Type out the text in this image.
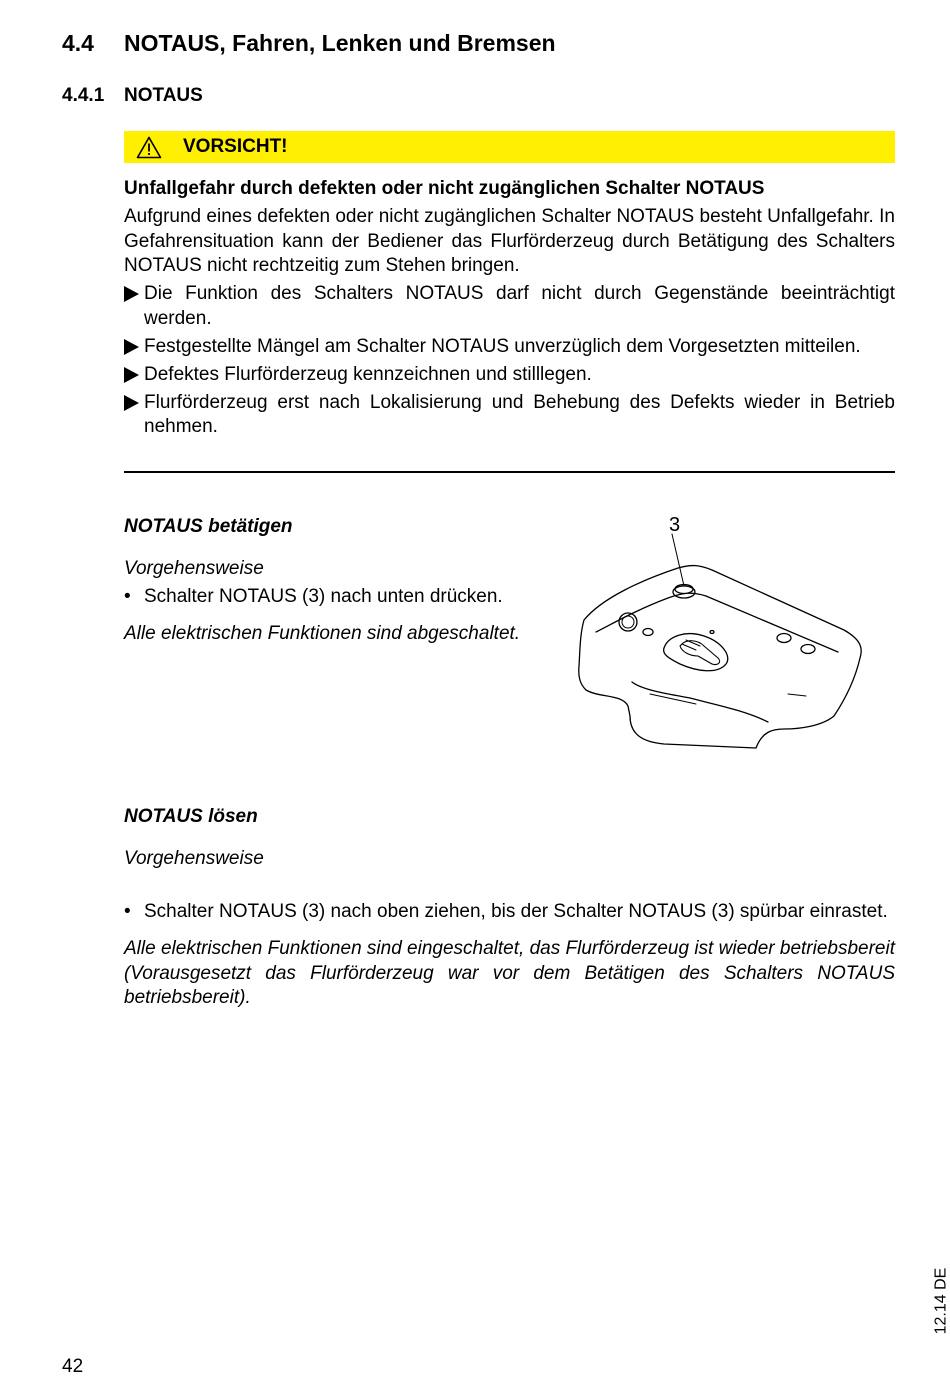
4.4 NOTAUS, Fahren, Lenken und Bremsen
4.4.1 NOTAUS
VORSICHT!
Unfallgefahr durch defekten oder nicht zugänglichen Schalter NOTAUS
Aufgrund eines defekten oder nicht zugänglichen Schalter NOTAUS besteht Unfallgefahr. In Gefahrensituation kann der Bediener das Flurförderzeug durch Betätigung des Schalters NOTAUS nicht rechtzeitig zum Stehen bringen.
Die Funktion des Schalters NOTAUS darf nicht durch Gegenstände beeinträchtigt werden.
Festgestellte Mängel am Schalter NOTAUS unverzüglich dem Vorgesetzten mitteilen.
Defektes Flurförderzeug kennzeichnen und stilllegen.
Flurförderzeug erst nach Lokalisierung und Behebung des Defekts wieder in Betrieb nehmen.
NOTAUS betätigen
Vorgehensweise
• Schalter NOTAUS (3) nach unten drücken.
Alle elektrischen Funktionen sind abgeschaltet.
3
NOTAUS lösen
Vorgehensweise
• Schalter NOTAUS (3) nach oben ziehen, bis der Schalter NOTAUS (3) spürbar einrastet.
Alle elektrischen Funktionen sind eingeschaltet, das Flurförderzeug ist wieder betriebsbereit (Vorausgesetzt das Flurförderzeug war vor dem Betätigen des Schalters NOTAUS betriebsbereit).
12.14 DE
42
